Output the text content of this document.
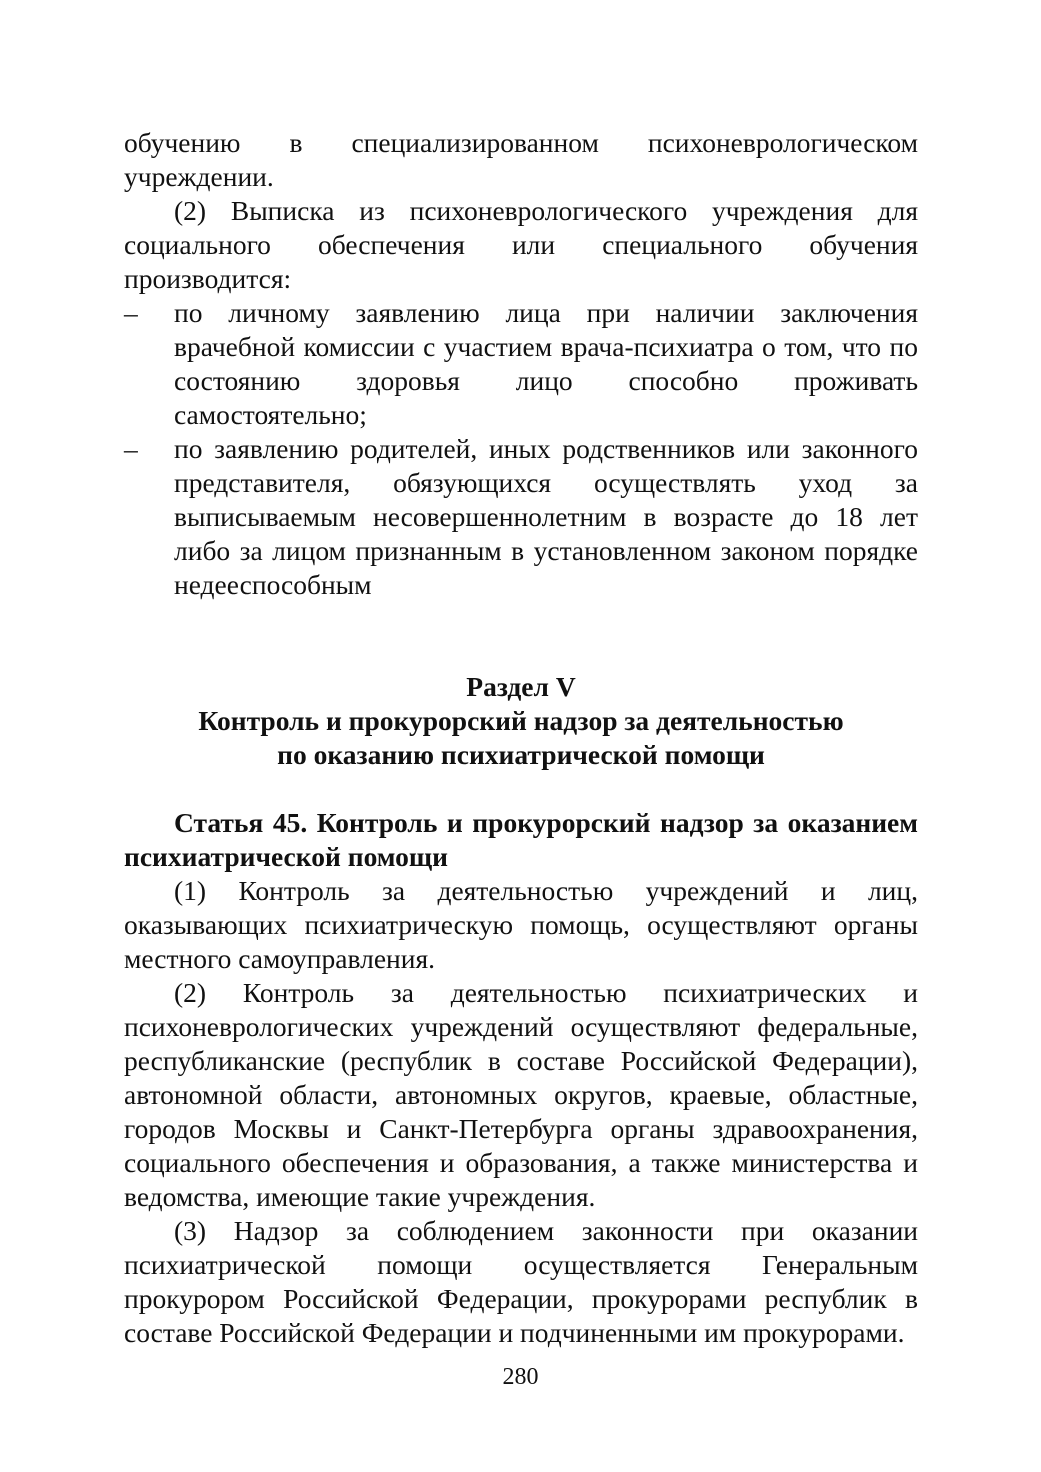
обучению в специализированном психоневрологическом учреждении.

(2) Выписка из психоневрологического учреждения для социального обеспечения или специального обучения производится:

– по личному заявлению лица при наличии заключения врачебной комиссии с участием врача-психиатра о том, что по состоянию здоровья лицо способно проживать самостоятельно;
– по заявлению родителей, иных родственников или законного представителя, обязующихся осуществлять уход за выписываемым несовершеннолетним в возрасте до 18 лет либо за лицом признанным в установленном законом порядке недееспособным
Раздел V
Контроль и прокурорский надзор за деятельностью
по оказанию психиатрической помощи

Статья 45. Контроль и прокурорский надзор за оказанием психиатрической помощи

(1) Контроль за деятельностью учреждений и лиц, оказывающих психиатрическую помощь, осуществляют органы местного самоуправления.

(2) Контроль за деятельностью психиатрических и психоневрологических учреждений осуществляют федеральные, республиканские (республик в составе Российской Федерации), автономной области, автономных округов, краевые, областные, городов Москвы и Санкт-Петербурга органы здравоохранения, социального обеспечения и образования, а также министерства и ведомства, имеющие такие учреждения.

(3) Надзор за соблюдением законности при оказании психиатрической помощи осуществляется Генеральным прокурором Российской Федерации, прокурорами республик в составе Российской Федерации и подчиненными им прокурорами.

280
